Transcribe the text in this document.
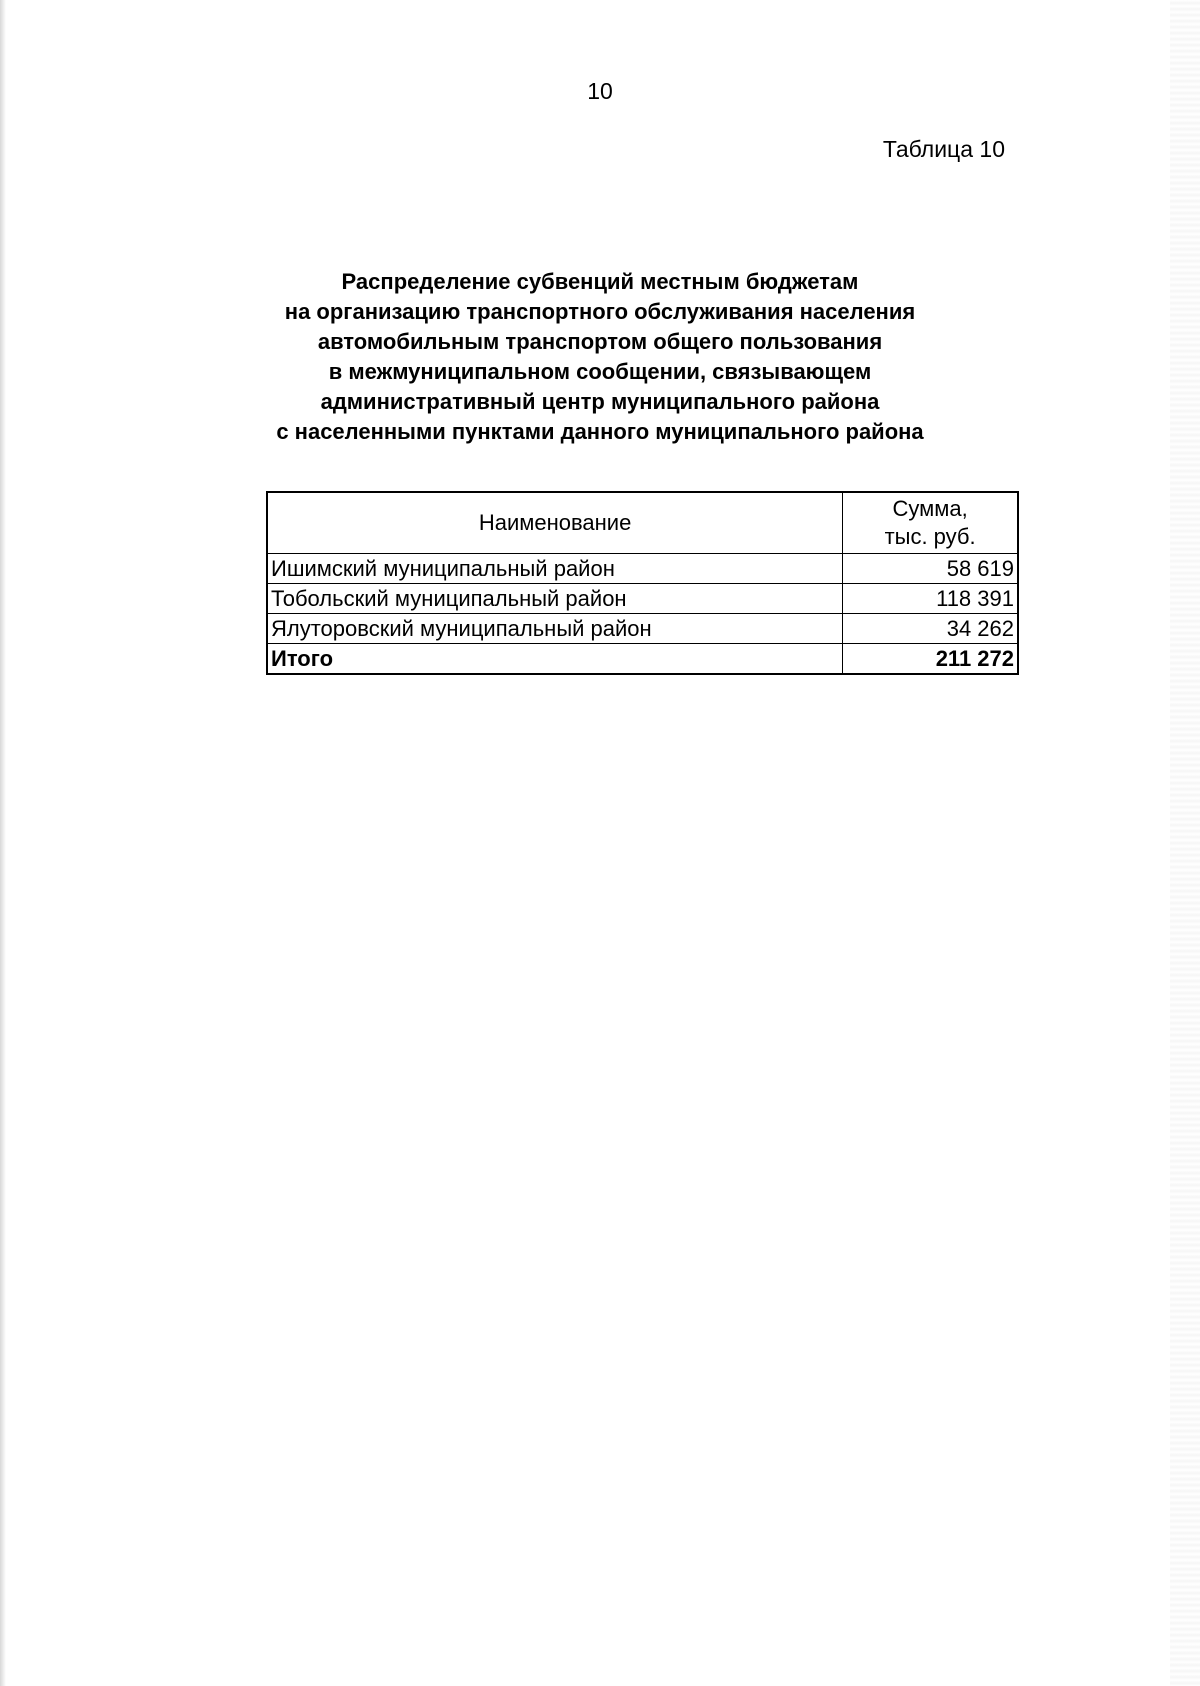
10
Таблица 10
Распределение субвенций местным бюджетам
на организацию транспортного обслуживания населения
автомобильным транспортом общего пользования
в межмуниципальном сообщении, связывающем
административный центр муниципального района
с населенными пунктами данного муниципального района
Наименование	Сумма,
тыс. руб.
Ишимский муниципальный район	58 619
Тобольский муниципальный район	118 391
Ялуторовский муниципальный район	34 262
Итого	211 272
